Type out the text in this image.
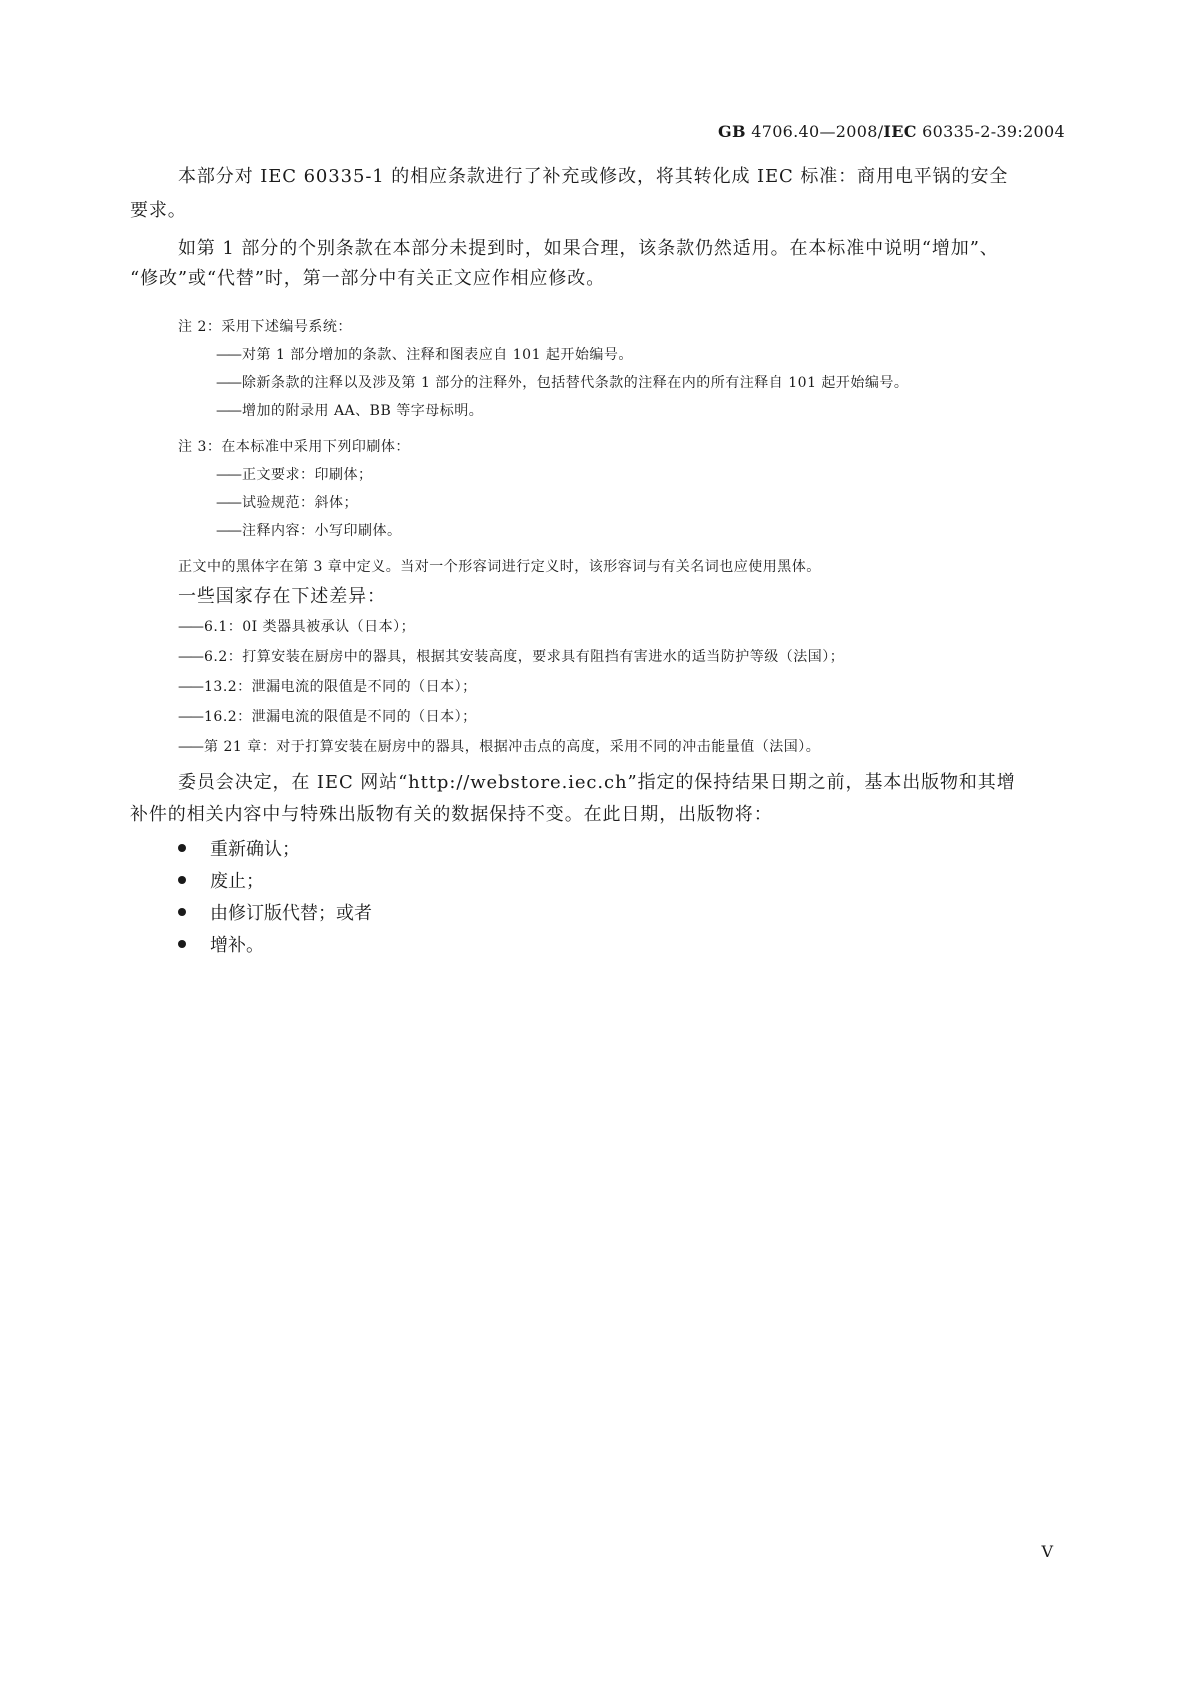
GB 4706.40—2008/IEC 60335-2-39:2004
本部分对 IEC 60335-1 的相应条款进行了补充或修改，将其转化成 IEC 标准：商用电平锅的安全
要求。
如第 1 部分的个别条款在本部分未提到时，如果合理，该条款仍然适用。在本标准中说明“增加”、
“修改”或“代替”时，第一部分中有关正文应作相应修改。
注 2：采用下述编号系统：
—— 对第 1 部分增加的条款、注释和图表应自 101 起开始编号。
—— 除新条款的注释以及涉及第 1 部分的注释外，包括替代条款的注释在内的所有注释自 101 起开始编号。
—— 增加的附录用 AA、BB 等字母标明。
注 3：在本标准中采用下列印刷体：
—— 正文要求：印刷体；
—— 试验规范：斜体；
—— 注释内容：小写印刷体。
正文中的黑体字在第 3 章中定义。当对一个形容词进行定义时，该形容词与有关名词也应使用黑体。
一些国家存在下述差异：
—— 6.1：0I 类器具被承认（日本）；
—— 6.2：打算安装在厨房中的器具，根据其安装高度，要求具有阻挡有害进水的适当防护等级（法国）；
—— 13.2：泄漏电流的限值是不同的（日本）；
—— 16.2：泄漏电流的限值是不同的（日本）；
—— 第 21 章：对于打算安装在厨房中的器具，根据冲击点的高度，采用不同的冲击能量值（法国）。
委员会决定，在 IEC 网站“http://webstore.iec.ch”指定的保持结果日期之前，基本出版物和其增
补件的相关内容中与特殊出版物有关的数据保持不变。在此日期，出版物将：
重新确认；
废止；
由修订版代替；或者
增补。
V
